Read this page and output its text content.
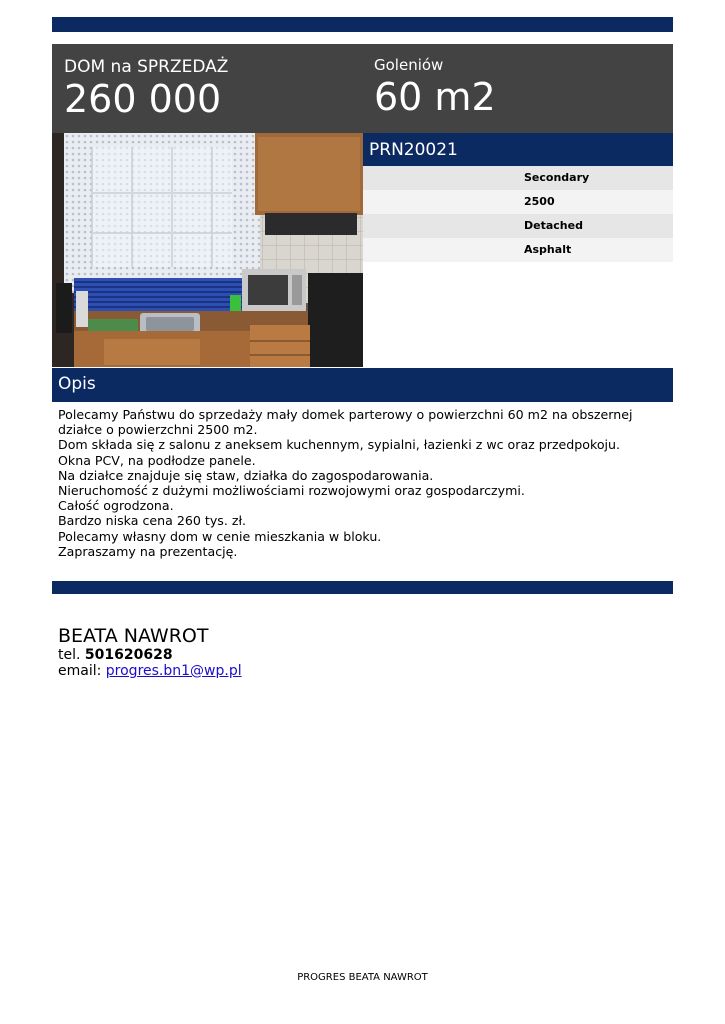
DOM na SPRZEDAŻ
260 000
Goleniów
60 m2
PRN20021
Secondary
2500
Detached
Asphalt
Opis

Polecamy Państwu do sprzedaży mały domek parterowy o powierzchni 60 m2 na obszernej działce o powierzchni 2500 m2.

Dom składa się z salonu z aneksem kuchennym, sypialni, łazienki z wc oraz przedpokoju.

Okna PCV, na podłodze panele.

Na działce znajduje się staw, działka do zagospodarowania.

Nieruchomość z dużymi możliwościami rozwojowymi oraz gospodarczymi.

Całość ogrodzona.

Bardzo niska cena 260 tys. zł.

Polecamy własny dom w cenie mieszkania w bloku.

Zapraszamy na prezentację.

BEATA NAWROT
tel. 501620628
email: progres.bn1@wp.pl
PROGRES BEATA NAWROT
